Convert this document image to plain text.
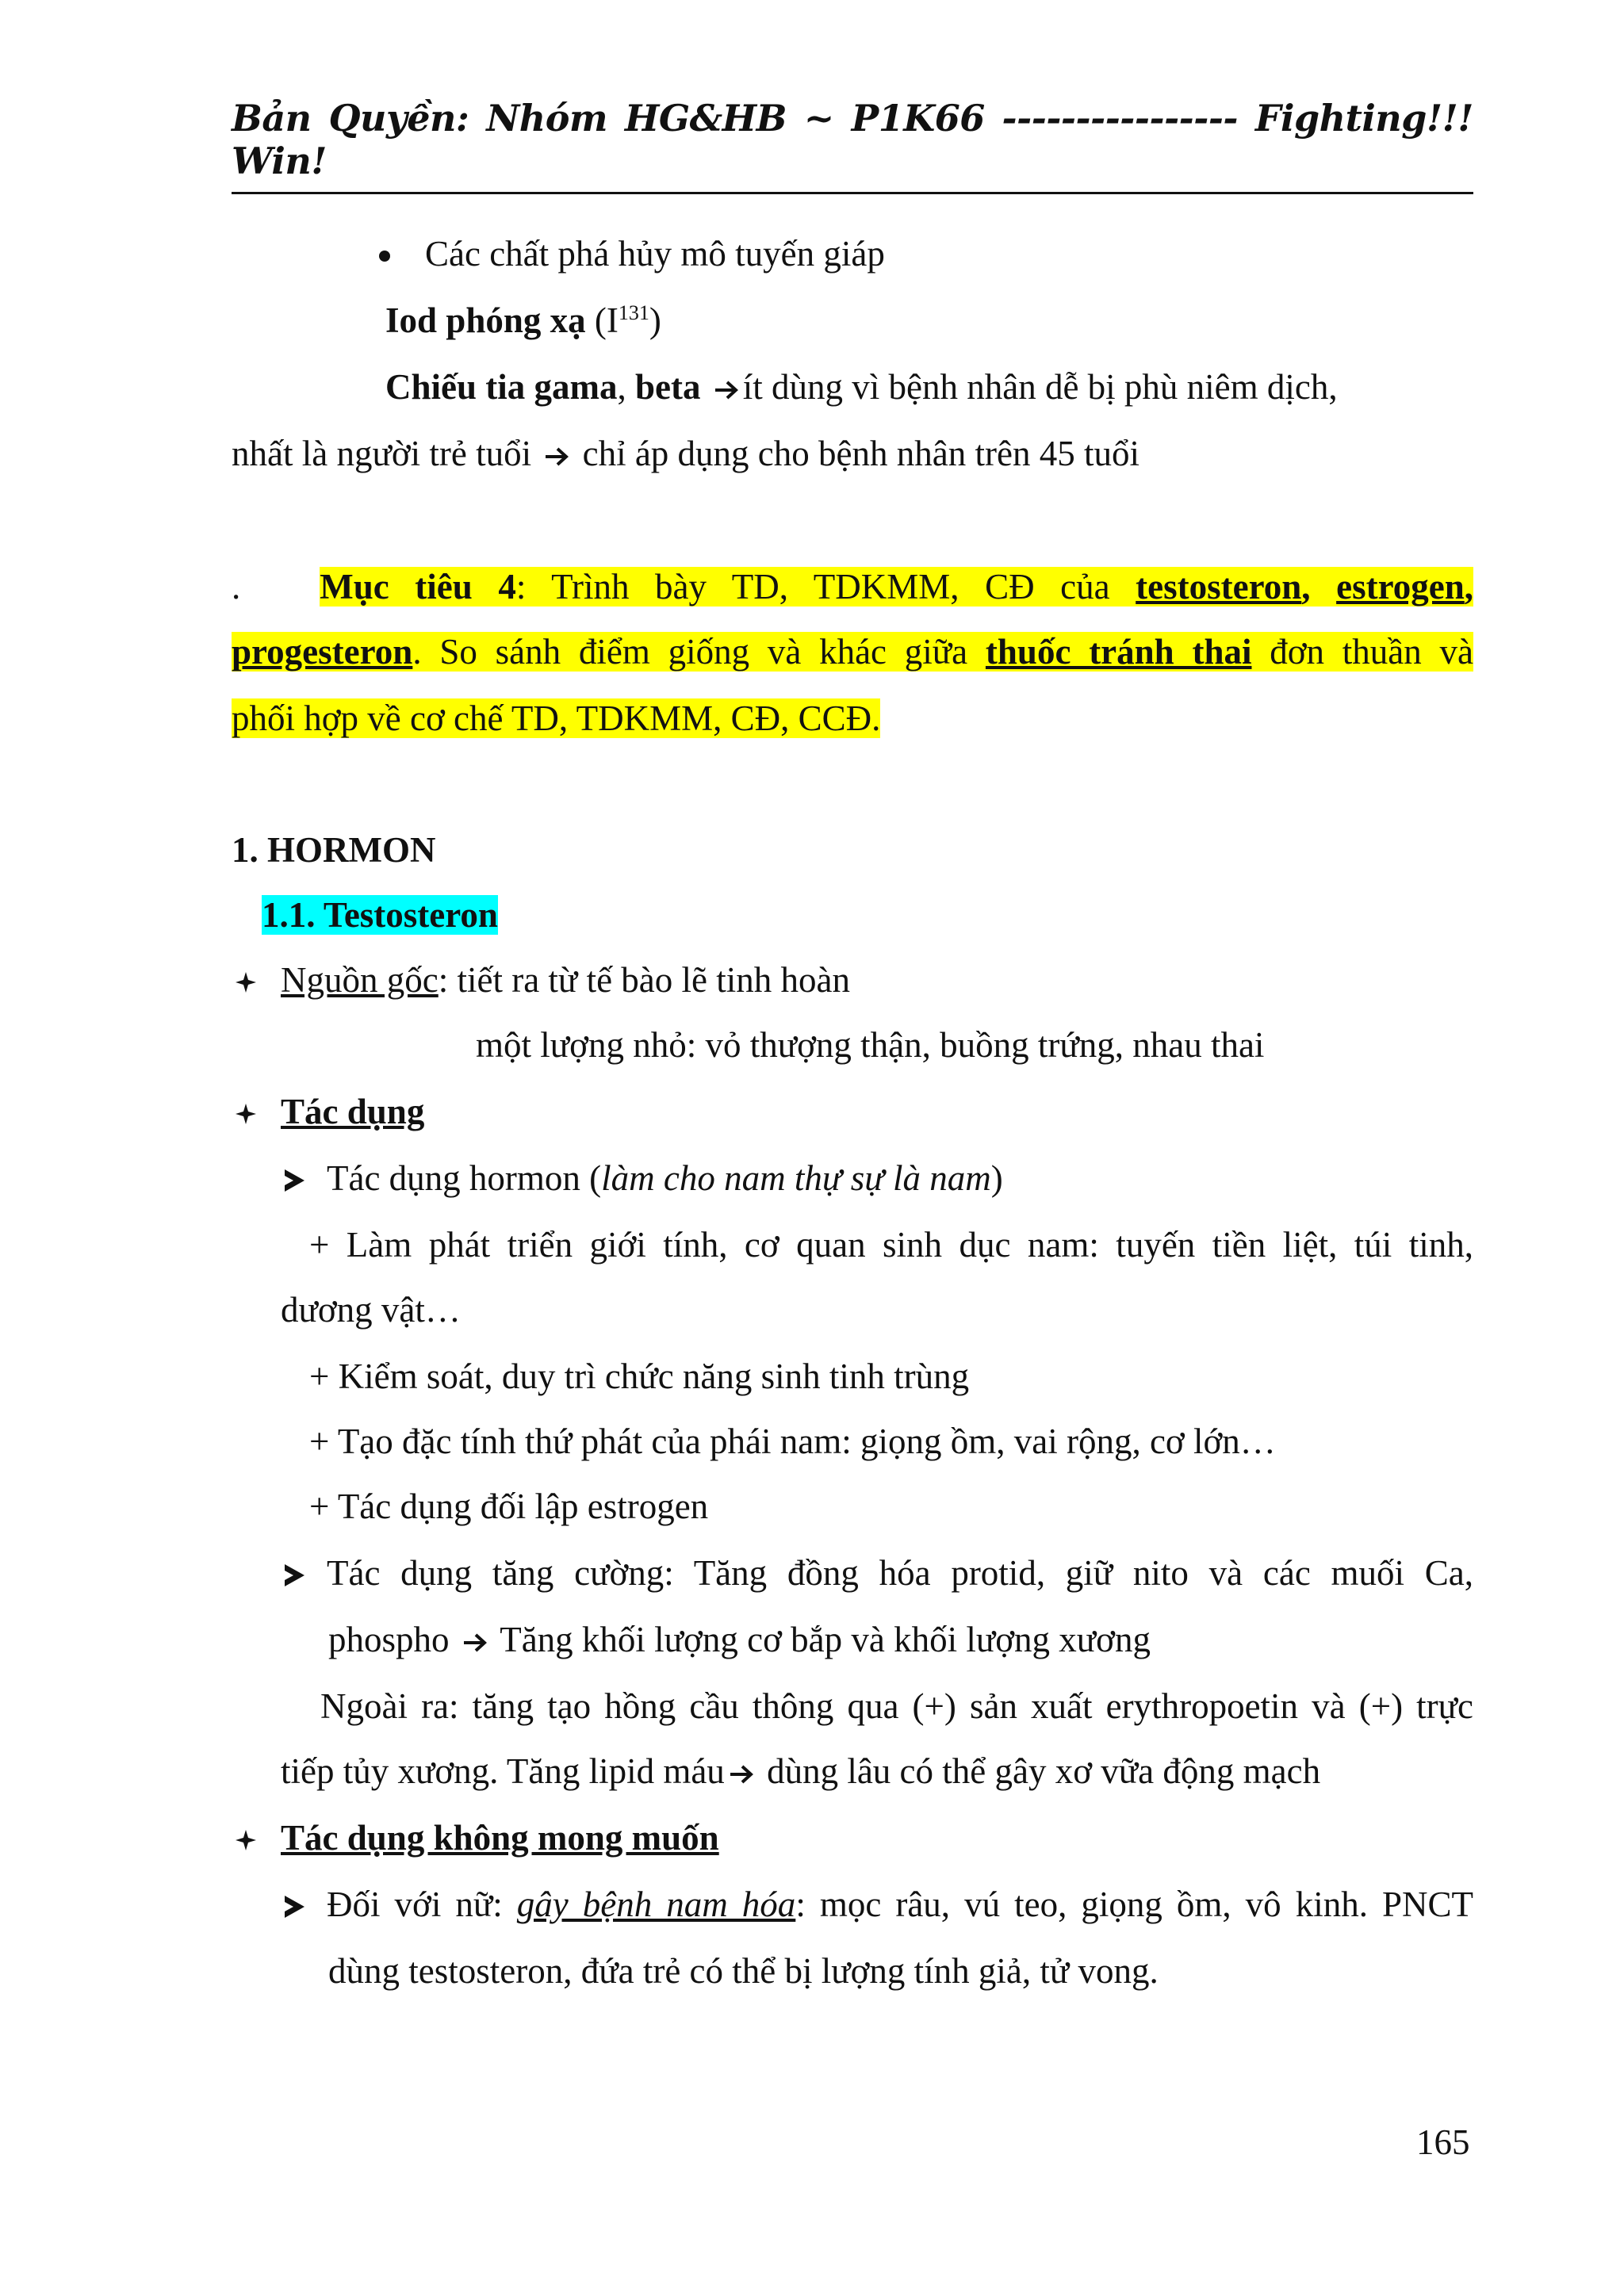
Bản Quyền: Nhóm HG&HB ~ P1K66 ---------------- Fighting!!! Win!
Các chất phá hủy mô tuyến giáp
Iod phóng xạ $(I^{131})$
Chiếu tia gama, beta ít dùng vì bệnh nhân dễ bị phù niêm dịch,
nhất là người trẻ tuổi chỉ áp dụng cho bệnh nhân trên 45 tuổi
. Mục tiêu 4: Trình bày TD, TDKMM, CĐ của testosteron, estrogen,
progesteron. So sánh điểm giống và khác giữa thuốc tránh thai đơn thuần và
phối hợp về cơ chế TD, TDKMM, CĐ, CCĐ.
1. HORMON
1.1. Testosteron
Nguồn gốc: tiết ra từ tế bào lẽ tinh hoàn
một lượng nhỏ: vỏ thượng thận, buồng trứng, nhau thai
Tác dụng
Tác dụng hormon (làm cho nam thự sự là nam)
+ Làm phát triển giới tính, cơ quan sinh dục nam: tuyến tiền liệt, túi tinh,
dương vật…
+ Kiểm soát, duy trì chức năng sinh tinh trùng
+ Tạo đặc tính thứ phát của phái nam: giọng ồm, vai rộng, cơ lớn…
+ Tác dụng đối lập estrogen
Tác dụng tăng cường: Tăng đồng hóa protid, giữ nito và các muối Ca,
phospho Tăng khối lượng cơ bắp và khối lượng xương
Ngoài ra: tăng tạo hồng cầu thông qua (+) sản xuất erythropoetin và (+) trực
tiếp tủy xương. Tăng lipid máu dùng lâu có thể gây xơ vữa động mạch
Tác dụng không mong muốn
Đối với nữ: gây bệnh nam hóa: mọc râu, vú teo, giọng ồm, vô kinh. PNCT
dùng testosteron, đứa trẻ có thể bị lượng tính giả, tử vong.
165
